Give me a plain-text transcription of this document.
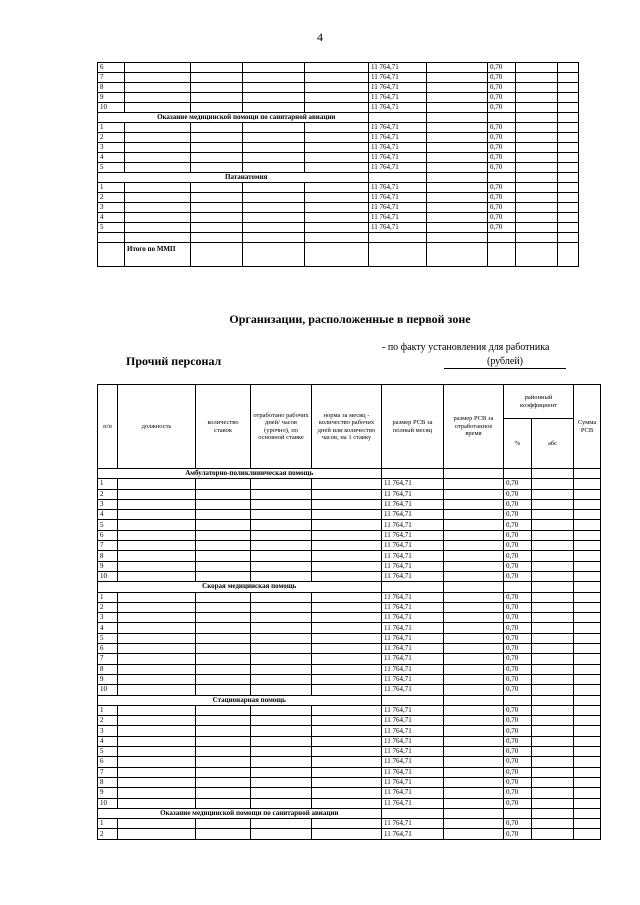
4
6					11 764,71		0,70		
7					11 764,71		0,70		
8					11 764,71		0,70		
9					11 764,71		0,70		
10					11 764,71		0,70		
	Оказание медицинской помощи по санитарной авиации								
1					11 764,71		0,70		
2					11 764,71		0,70		
3					11 764,71		0,70		
4					11 764,71		0,70		
5					11 764,71		0,70		
	Патанатомия								
1					11 764,71		0,70		
2					11 764,71		0,70		
3					11 764,71		0,70		
4					11 764,71		0,70		
5					11 764,71		0,70		

	Итого по ММП								
Организации, расположенные в первой зоне
- по факту установления для работника
Прочий персонал	(рублей)
п/п	должность	количество ставок	отработано рабочих дней/ часов (урочно), по основной ставке	норма за месяц - количество рабочих дней или количество часов, на 1 ставку	размер РСВ за полный месяц	размер РСВ за отработанное время	районный коэффициент		Сумма РСВ
							%	абс	
	Амбулаторно-поликлиническая помощь								
1					11 764,71		0,70		
2					11 764,71		0,70		
3					11 764,71		0,70		
4					11 764,71		0,70		
5					11 764,71		0,70		
6					11 764,71		0,70		
7					11 764,71		0,70		
8					11 764,71		0,70		
9					11 764,71		0,70		
10					11 764,71		0,70		
	Скорая медицинская помощь								
1					11 764,71		0,70		
2					11 764,71		0,70		
3					11 764,71		0,70		
4					11 764,71		0,70		
5					11 764,71		0,70		
6					11 764,71		0,70		
7					11 764,71		0,70		
8					11 764,71		0,70		
9					11 764,71		0,70		
10					11 764,71		0,70		
	Стационарная помощь								
1					11 764,71		0,70		
2					11 764,71		0,70		
3					11 764,71		0,70		
4					11 764,71		0,70		
5					11 764,71		0,70		
6					11 764,71		0,70		
7					11 764,71		0,70		
8					11 764,71		0,70		
9					11 764,71		0,70		
10					11 764,71		0,70		
	Оказание медицинской помощи по санитарной авиации								
1					11 764,71		0,70		
2					11 764,71		0,70		
